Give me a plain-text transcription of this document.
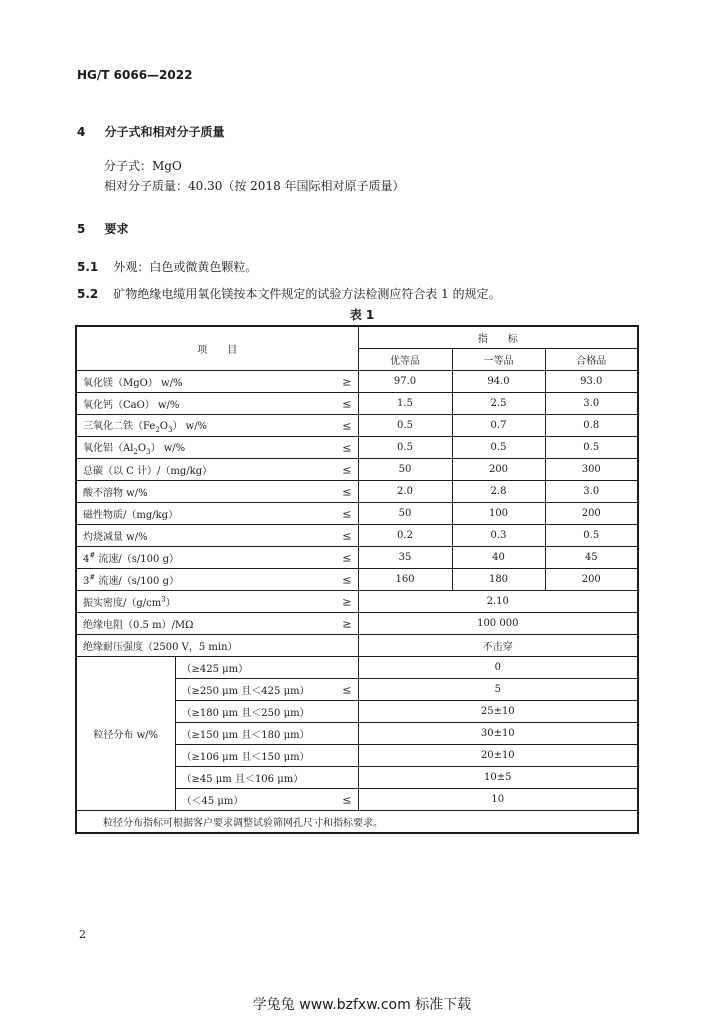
HG/T 6066—2022
4 分子式和相对分子质量
分子式：MgO
相对分子质量：40.30（按 2018 年国际相对原子质量）
5 要求
5.1 外观：白色或微黄色颗粒。
5.2 矿物绝缘电缆用氧化镁按本文件规定的试验方法检测应符合表 1 的规定。
表 1
项　　目		指　　标		
		优等品	一等品	合格品
氧化镁（MgO） w/% ≥		97.0	94.0	93.0
氧化钙（CaO） w/% ≤		1.5	2.5	3.0
三氧化二铁$(Fe_2O_3) w/\%$ ≤		0.5	0.7	0.8
氧化铝$(Al_2O_3) w/\%$ ≤		0.5	0.5	0.5
总碳（以 C 计）/（mg/kg） ≤		50	200	300
酸不溶物 w/% ≤		2.0	2.8	3.0
磁性物质/（mg/kg） ≤		50	100	200
灼烧减量 w/% ≤		0.2	0.3	0.5
4# 流速/（s/100 g） ≤		35	40	45
3# 流速/（s/100 g） ≤		160	180	200
振实密度$/(g/cm^3)$ ≥		2.10		
绝缘电阻（0.5 m）/MΩ ≥		100 000		
绝缘耐压强度（2500 V，5 min）		不击穿		
粒径分布 w/%	（≥425 μm）	0		
	（≥250 μm 且＜425 μm） ≤	5		
	（≥180 μm 且＜250 μm）	25±10		
	（≥150 μm 且＜180 μm）	30±10		
	（≥106 μm 且＜150 μm）	20±10		
	（≥45 μm 且＜106 μm）	10±5		
	（＜45 μm） ≤	10		
粒径分布指标可根据客户要求调整试验筛网孔尺寸和指标要求。				
2
学兔兔 www.bzfxw.com 标准下载
